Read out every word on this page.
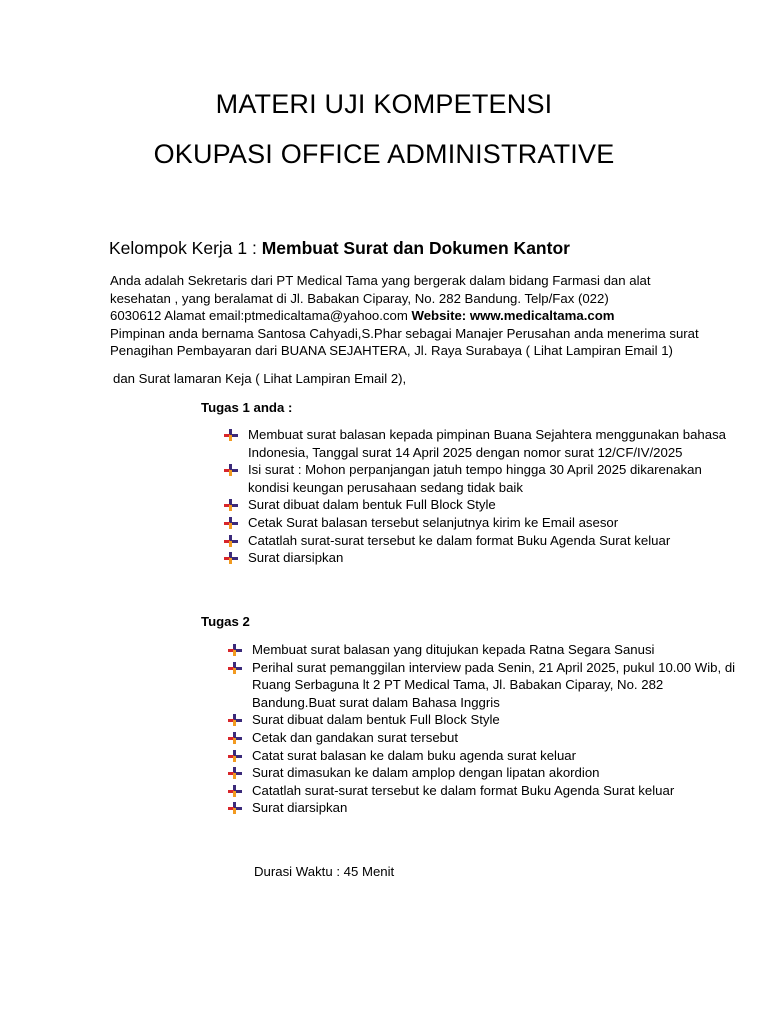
MATERI UJI KOMPETENSI
OKUPASI OFFICE ADMINISTRATIVE
Kelompok Kerja 1 : Membuat Surat dan Dokumen Kantor
Anda adalah Sekretaris dari PT Medical Tama yang bergerak dalam bidang Farmasi dan alat
kesehatan , yang beralamat di Jl. Babakan Ciparay, No. 282 Bandung. Telp/Fax (022)
6030612 Alamat email:ptmedicaltama@yahoo.com Website: www.medicaltama.com
Pimpinan anda bernama Santosa Cahyadi,S.Phar sebagai Manajer Perusahan anda menerima surat
Penagihan Pembayaran dari BUANA SEJAHTERA, Jl. Raya Surabaya ( Lihat Lampiran Email 1)
dan Surat lamaran Keja ( Lihat Lampiran Email 2),
Tugas 1 anda :
Membuat surat balasan kepada pimpinan Buana Sejahtera menggunakan bahasa Indonesia, Tanggal surat 14 April 2025 dengan nomor surat 12/CF/IV/2025
Isi surat : Mohon perpanjangan jatuh tempo hingga 30 April 2025 dikarenakan kondisi keungan perusahaan sedang tidak baik
Surat dibuat dalam bentuk Full Block Style
Cetak Surat balasan tersebut selanjutnya kirim ke Email asesor
Catatlah surat-surat tersebut ke dalam format Buku Agenda Surat keluar
Surat diarsipkan
Tugas 2
Membuat surat balasan yang ditujukan kepada Ratna Segara Sanusi
Perihal surat pemanggilan interview pada Senin, 21 April 2025, pukul 10.00 Wib, di Ruang Serbaguna lt 2 PT Medical Tama, Jl. Babakan Ciparay, No. 282 Bandung.Buat surat dalam Bahasa Inggris
Surat dibuat dalam bentuk Full Block Style
Cetak dan gandakan surat tersebut
Catat surat balasan ke dalam buku agenda surat keluar
Surat dimasukan ke dalam amplop dengan lipatan akordion
Catatlah surat-surat tersebut ke dalam format Buku Agenda Surat keluar
Surat diarsipkan
Durasi Waktu : 45 Menit
